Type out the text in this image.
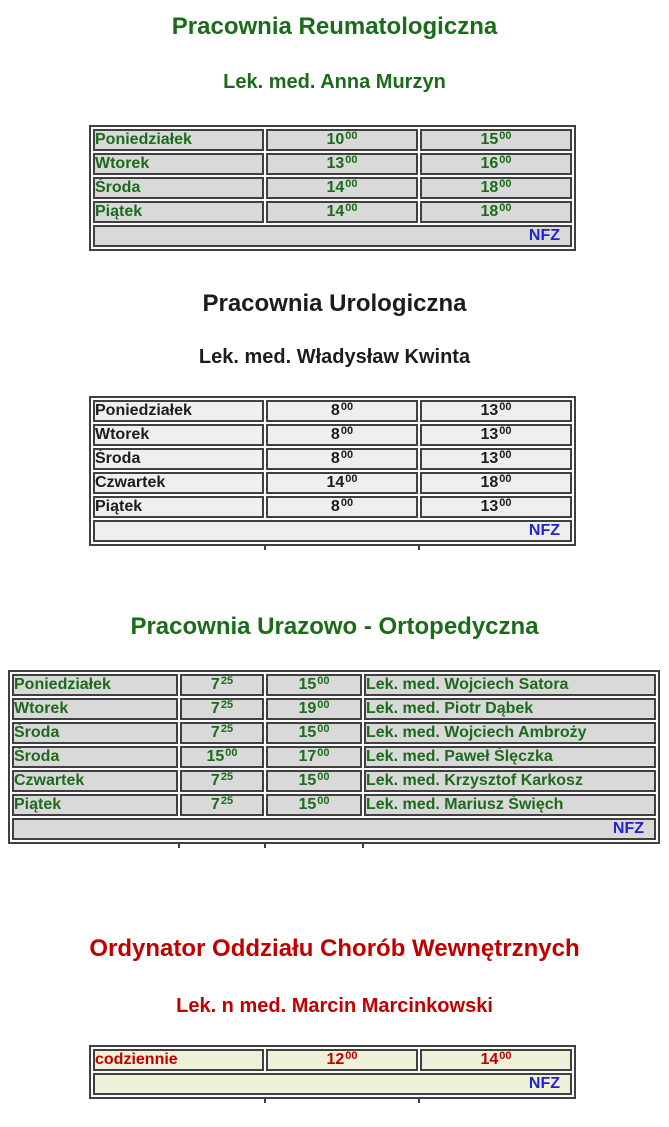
Pracownia Reumatologiczna
Lek. med. Anna Murzyn
Poniedziałek	$10^{00}$	$15^{00}$
Wtorek	$13^{00}$	$16^{00}$
Środa	$14^{00}$	$18^{00}$
Piątek	$14^{00}$	$18^{00}$
NFZ		
Pracownia Urologiczna
Lek. med. Władysław Kwinta
Poniedziałek	$8^{00}$	$13^{00}$
Wtorek	$8^{00}$	$13^{00}$
Środa	$8^{00}$	$13^{00}$
Czwartek	$14^{00}$	$18^{00}$
Piątek	$8^{00}$	$13^{00}$
NFZ		
Pracownia Urazowo - Ortopedyczna
Poniedziałek	$7^{25}$	$15^{00}$	Lek. med. Wojciech Satora
Wtorek	$7^{25}$	$19^{00}$	Lek. med. Piotr Dąbek
Środa	$7^{25}$	$15^{00}$	Lek. med. Wojciech Ambroży
Środa	$15^{00}$	$17^{00}$	Lek. med. Paweł Ślęczka
Czwartek	$7^{25}$	$15^{00}$	Lek. med. Krzysztof Karkosz
Piątek	$7^{25}$	$15^{00}$	Lek. med. Mariusz Święch
NFZ			
Ordynator Oddziału Chorób Wewnętrznych
Lek. n med. Marcin Marcinkowski
codziennie	$12^{00}$	$14^{00}$
NFZ
